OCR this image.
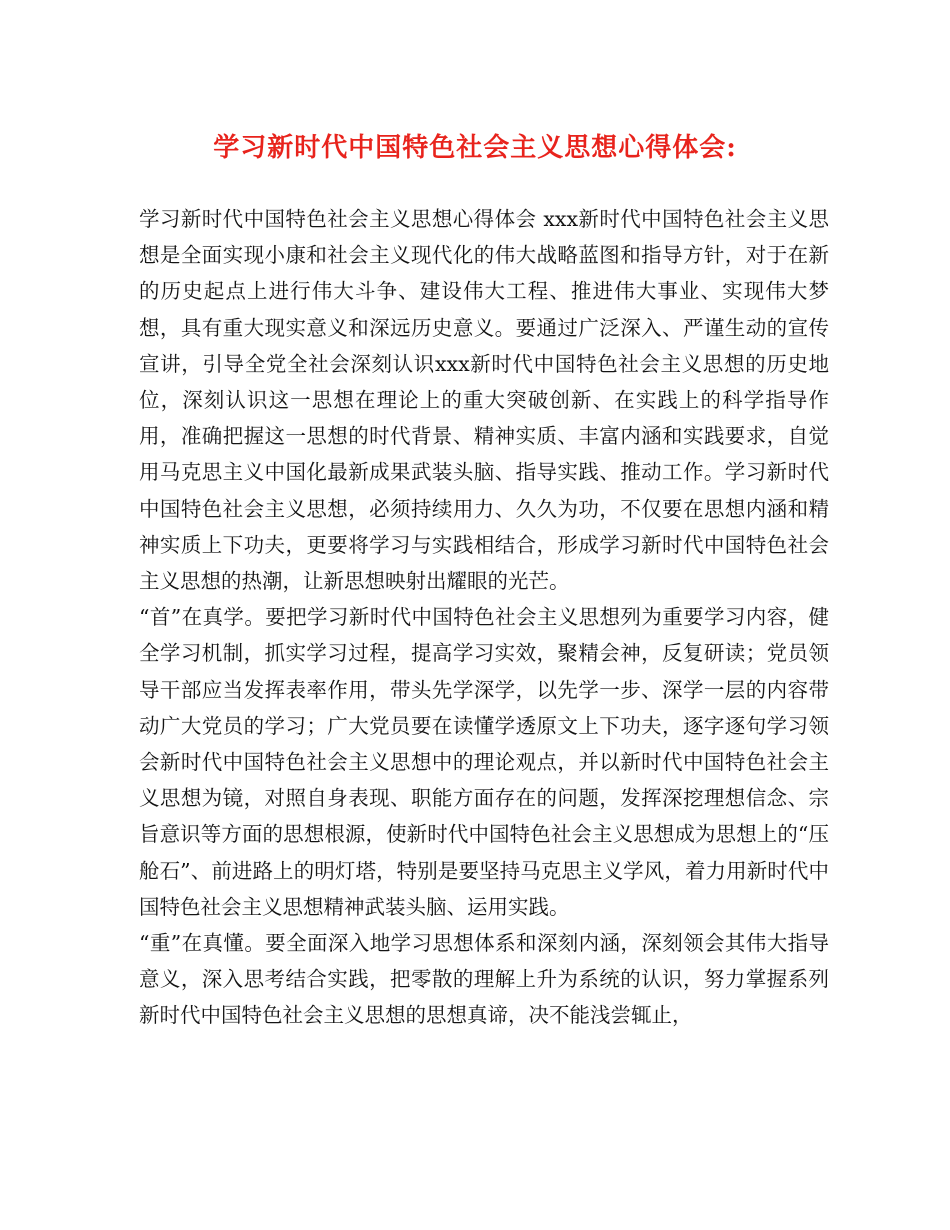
学习新时代中国特色社会主义思想心得体会:

学习新时代中国特色社会主义思想心得体会 xxx新时代中国特色社会主义思想是全面实现小康和社会主义现代化的伟大战略蓝图和指导方针，对于在新的历史起点上进行伟大斗争、建设伟大工程、推进伟大事业、实现伟大梦想，具有重大现实意义和深远历史意义。要通过广泛深入、严谨生动的宣传宣讲，引导全党全社会深刻认识xxx新时代中国特色社会主义思想的历史地位，深刻认识这一思想在理论上的重大突破创新、在实践上的科学指导作用，准确把握这一思想的时代背景、精神实质、丰富内涵和实践要求，自觉用马克思主义中国化最新成果武装头脑、指导实践、推动工作。学习新时代中国特色社会主义思想，必须持续用力、久久为功，不仅要在思想内涵和精神实质上下功夫，更要将学习与实践相结合，形成学习新时代中国特色社会主义思想的热潮，让新思想映射出耀眼的光芒。

“首”在真学。要把学习新时代中国特色社会主义思想列为重要学习内容，健全学习机制，抓实学习过程，提高学习实效，聚精会神，反复研读；党员领导干部应当发挥表率作用，带头先学深学，以先学一步、深学一层的内容带动广大党员的学习；广大党员要在读懂学透原文上下功夫，逐字逐句学习领会新时代中国特色社会主义思想中的理论观点，并以新时代中国特色社会主义思想为镜，对照自身表现、职能方面存在的问题，发挥深挖理想信念、宗旨意识等方面的思想根源，使新时代中国特色社会主义思想成为思想上的“压舱石”、前进路上的明灯塔，特别是要坚持马克思主义学风，着力用新时代中国特色社会主义思想精神武装头脑、运用实践。

“重”在真懂。要全面深入地学习思想体系和深刻内涵，深刻领会其伟大指导意义，深入思考结合实践，把零散的理解上升为系统的认识，努力掌握系列新时代中国特色社会主义思想的思想真谛，决不能浅尝辄止，
